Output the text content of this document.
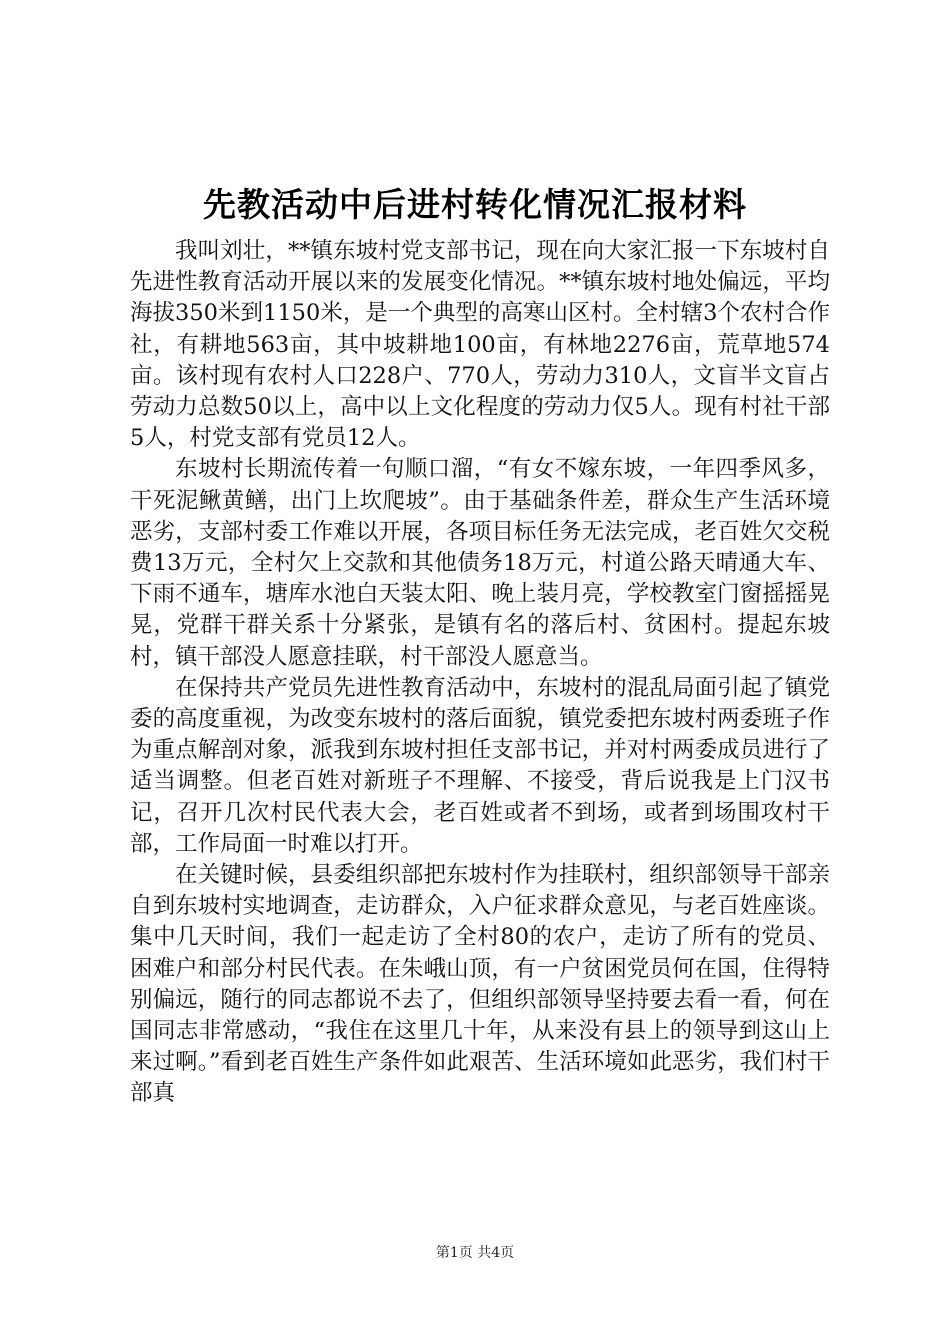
先教活动中后进村转化情况汇报材料

我叫刘壮，**镇东坡村党支部书记，现在向大家汇报一下东坡村自先进性教育活动开展以来的发展变化情况。**镇东坡村地处偏远，平均海拔350米到1150米，是一个典型的高寒山区村。全村辖3个农村合作社，有耕地563亩，其中坡耕地100亩，有林地2276亩，荒草地574亩。该村现有农村人口228户、770人，劳动力310人，文盲半文盲占劳动力总数50以上，高中以上文化程度的劳动力仅5人。现有村社干部5人，村党支部有党员12人。

东坡村长期流传着一句顺口溜，“有女不嫁东坡，一年四季风多，干死泥鳅黄鳝，出门上坎爬坡”。由于基础条件差，群众生产生活环境恶劣，支部村委工作难以开展，各项目标任务无法完成，老百姓欠交税费13万元，全村欠上交款和其他债务18万元，村道公路天晴通大车、下雨不通车，塘库水池白天装太阳、晚上装月亮，学校教室门窗摇摇晃晃，党群干群关系十分紧张，是镇有名的落后村、贫困村。提起东坡村，镇干部没人愿意挂联，村干部没人愿意当。

在保持共产党员先进性教育活动中，东坡村的混乱局面引起了镇党委的高度重视，为改变东坡村的落后面貌，镇党委把东坡村两委班子作为重点解剖对象，派我到东坡村担任支部书记，并对村两委成员进行了适当调整。但老百姓对新班子不理解、不接受，背后说我是上门汉书记，召开几次村民代表大会，老百姓或者不到场，或者到场围攻村干部，工作局面一时难以打开。

在关键时候，县委组织部把东坡村作为挂联村，组织部领导干部亲自到东坡村实地调查，走访群众，入户征求群众意见，与老百姓座谈。集中几天时间，我们一起走访了全村80的农户，走访了所有的党员、困难户和部分村民代表。在朱峨山顶，有一户贫困党员何在国，住得特别偏远，随行的同志都说不去了，但组织部领导坚持要去看一看，何在国同志非常感动，“我住在这里几十年，从来没有县上的领导到这山上来过啊。”看到老百姓生产条件如此艰苦、生活环境如此恶劣，我们村干部真

第1页 共4页
